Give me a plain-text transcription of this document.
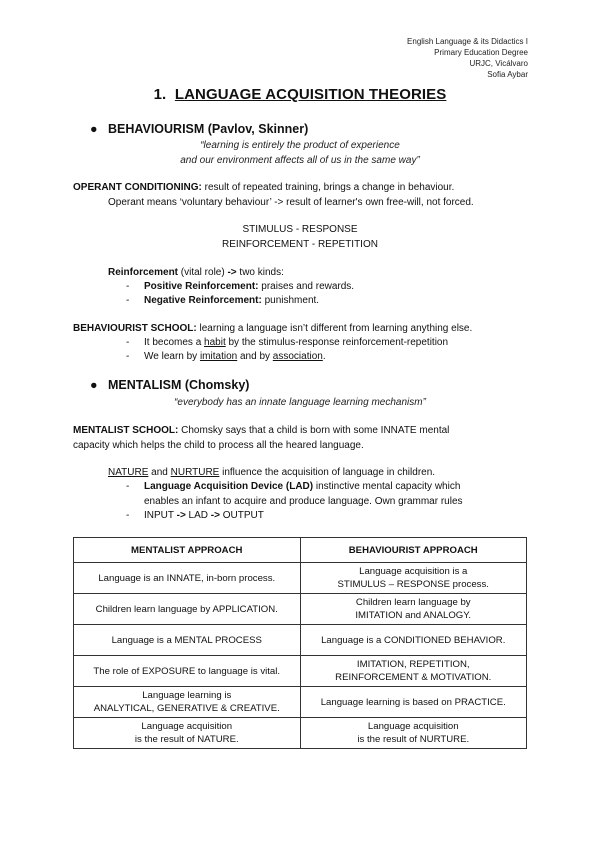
English Language & its Didactics I
Primary Education Degree
URJC, Vicálvaro
Sofia Aybar
1. LANGUAGE ACQUISITION THEORIES
● BEHAVIOURISM (Pavlov, Skinner)
“learning is entirely the product of experience
and our environment affects all of us in the same way”
OPERANT CONDITIONING: result of repeated training, brings a change in behaviour.
Operant means ‘voluntary behaviour’ -> result of learner's own free-will, not forced.
STIMULUS - RESPONSE
REINFORCEMENT - REPETITION
Reinforcement (vital role) -> two kinds:
- Positive Reinforcement: praises and rewards.
- Negative Reinforcement: punishment.
BEHAVIOURIST SCHOOL: learning a language isn’t different from learning anything else.
- It becomes a habit by the stimulus-response reinforcement-repetition
- We learn by imitation and by association.
● MENTALISM (Chomsky)
“everybody has an innate language learning mechanism”
MENTALIST SCHOOL: Chomsky says that a child is born with some INNATE mental
capacity which helps the child to process all the heared language.
NATURE and NURTURE influence the acquisition of language in children.
- Language Acquisition Device (LAD) instinctive mental capacity which
enables an infant to acquire and produce language. Own grammar rules
- INPUT -> LAD -> OUTPUT
MENTALIST APPROACH	BEHAVIOURIST APPROACH
Language is an INNATE, in-born process.	Language acquisition is a
STIMULUS – RESPONSE process.
Children learn language by APPLICATION.	Children learn language by
IMITATION and ANALOGY.
Language is a MENTAL PROCESS	Language is a CONDITIONED BEHAVIOR.
The role of EXPOSURE to language is vital.	IMITATION, REPETITION,
REINFORCEMENT & MOTIVATION.
Language learning is
ANALYTICAL, GENERATIVE & CREATIVE.	Language learning is based on PRACTICE.
Language acquisition
is the result of NATURE.	Language acquisition
is the result of NURTURE.
